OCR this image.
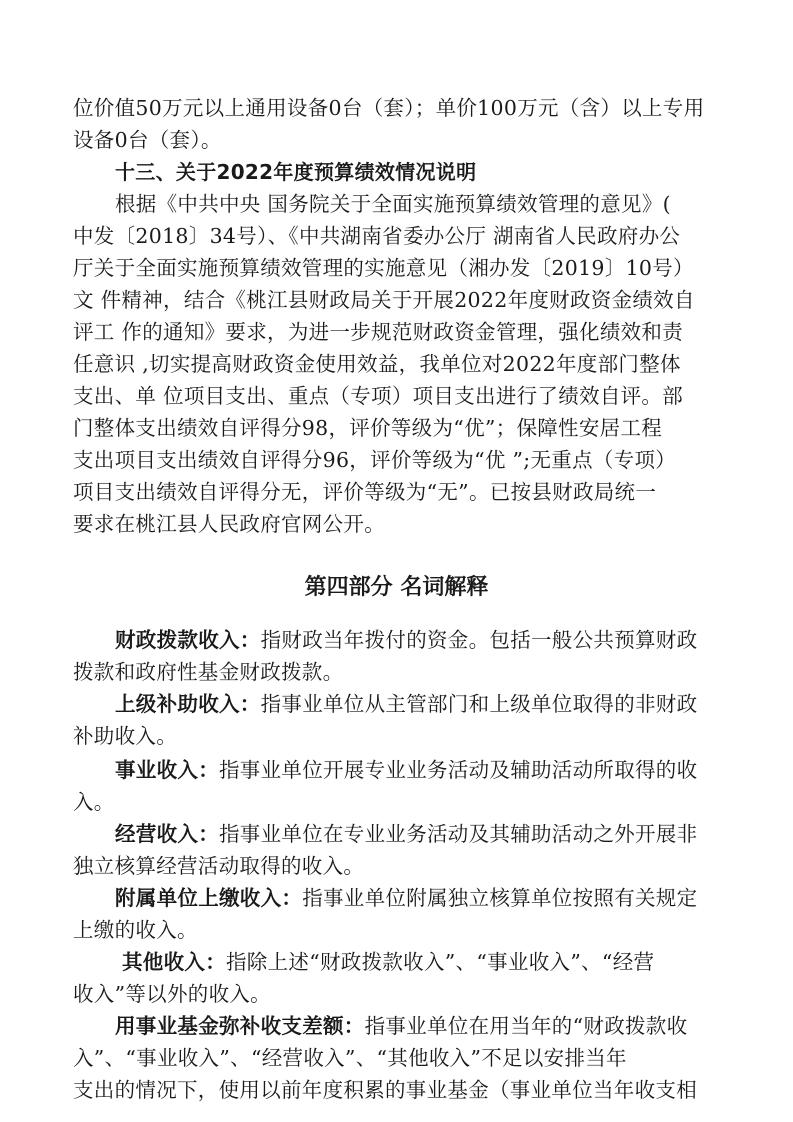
位价值50万元以上通用设备0台（套）；单价100万元（含）以上专用
设备0台（套）。
十三、关于2022年度预算绩效情况说明
根据《中共中央 国务院关于全面实施预算绩效管理的意见》(
中发〔2018〕34号）、《中共湖南省委办公厅 湖南省人民政府办公
厅关于全面实施预算绩效管理的实施意见（湘办发〔2019〕10号）
文 件精神，结合《桃江县财政局关于开展2022年度财政资金绩效自
评工 作的通知》要求，为进一步规范财政资金管理，强化绩效和责
任意识 ,切实提高财政资金使用效益，我单位对2022年度部门整体
支出、单 位项目支出、重点（专项）项目支出进行了绩效自评。部
门整体支出绩效自评得分98，评价等级为“优”；保障性安居工程
支出项目支出绩效自评得分96，评价等级为“优 ”;无重点（专项）
项目支出绩效自评得分无，评价等级为“无”。已按县财政局统一
要求在桃江县人民政府官网公开。
第四部分 名词解释
财政拨款收入：指财政当年拨付的资金。包括一般公共预算财政
拨款和政府性基金财政拨款。
上级补助收入：指事业单位从主管部门和上级单位取得的非财政
补助收入。
事业收入：指事业单位开展专业业务活动及辅助活动所取得的收
入。
经营收入：指事业单位在专业业务活动及其辅助活动之外开展非
独立核算经营活动取得的收入。
附属单位上缴收入：指事业单位附属独立核算单位按照有关规定
上缴的收入。
其他收入：指除上述“财政拨款收入”、“事业收入”、“经营
收入”等以外的收入。
用事业基金弥补收支差额：指事业单位在用当年的“财政拨款收
入”、“事业收入”、“经营收入”、“其他收入”不足以安排当年
支出的情况下，使用以前年度积累的事业基金（事业单位当年收支相
